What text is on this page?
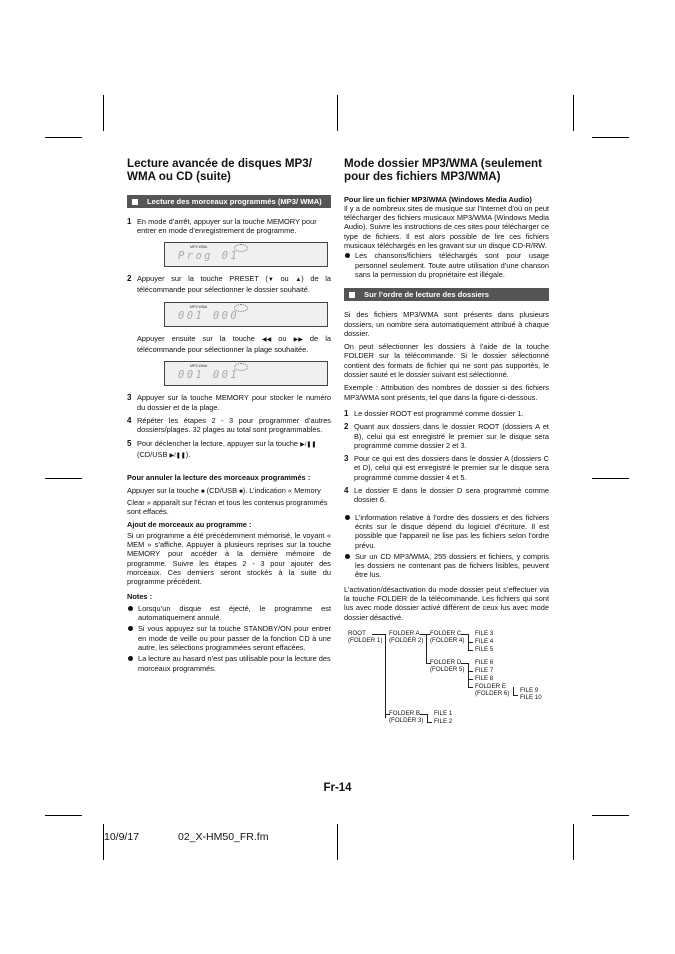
Lecture avancée de disques MP3/ WMA ou CD (suite)
Lecture des morceaux programmés (MP3/ WMA)
1 En mode d’arrêt, appuyer sur la touche MEMORY pour entrer en mode d’enregistrement de programme.
MP3 WMA
Prog 01
2 Appuyer sur la touche PRESET (▼ ou ▲) de la télécommande pour sélectionner le dossier souhaité.
MP3 WMA
001 000
Appuyer ensuite sur la touche ◀◀ ou ▶▶ de la télécommande pour sélectionner la plage souhaitée.
MP3 WMA
001 001
3 Appuyer sur la touche MEMORY pour stocker le numéro du dossier et de la plage.
4 Répéter les étapes 2 - 3 pour programmer d’autres dossiers/plages. 32 plages au total sont programmables.
5 Pour déclencher la lecture, appuyer sur la touche ▶/❚❚ (CD/USB ▶/❚❚).

Pour annuler la lecture des morceaux programmés :

Appuyer sur la touche ■ (CD/USB ■). L’indication « Memory Clear » apparaît sur l’écran et tous les contenus programmés sont effacés.

Ajout de morceaux au programme :

Si un programme a été précédemment mémorisé, le voyant « MEM » s’affiche. Appuyer à plusieurs reprises sur la touche MEMORY pour accéder à la dernière mémoire de programme. Suivre les étapes 2 - 3 pour ajouter des morceaux. Ces derniers seront stockés à la suite du programme précédent.

Notes :

Lorsqu’un disque est éjecté, le programme est automatiquement annulé.
Si vous appuyez sur la touche STANDBY/ON pour entrer en mode de veille ou pour passer de la fonction CD à une autre, les sélections programmées seront effacées.
La lecture au hasard n’est pas utilisable pour la lecture des morceaux programmés.
Mode dossier MP3/WMA (seulement pour des fichiers MP3/WMA)

Pour lire un fichier MP3/WMA (Windows Media Audio)

Il y a de nombreux sites de musique sur l’Internet d’où on peut télécharger des fichiers musicaux MP3/WMA (Windows Media Audio). Suivre les instructions de ces sites pour télécharger ce type de fichiers. Il est alors possible de lire ces fichiers musicaux téléchargés en les gravant sur un disque CD-R/RW.

Les chansons/fichiers téléchargés sont pour usage personnel seulement. Toute autre utilisation d’une chanson sans la permission du propriétaire est illégale.
Sur l’ordre de lecture des dossiers

Si des fichiers MP3/WMA sont présents dans plusieurs dossiers, un nombre sera automatiquement attribué à chaque dossier.

On peut sélectionner les dossiers à l’aide de la touche FOLDER sur la télécommande. Si le dossier sélectionné contient des formats de fichier qui ne sont pas supportés, le dossier sauté et le dossier suivant est sélectionné.

Exemple : Attribution des nombres de dossier si des fichiers MP3/WMA sont présents, tel que dans la figure ci-dessous.

1 Le dossier ROOT est programmé comme dossier 1.
2 Quant aux dossiers dans le dossier ROOT (dossiers A et B), celui qui est enregistré le premier sur le disque sera programmé comme dossier 2 et 3.
3 Pour ce qui est des dossiers dans le dossier A (dossiers C et D), celui qui est enregistré le premier sur le disque sera programmé comme dossier 4 et 5.
4 Le dossier E dans le dossier D sera programmé comme dossier 6.
L’information relative à l’ordre des dossiers et des fichiers écrits sur le disque dépend du logiciel d’écriture. Il est possible que l’appareil ne lise pas les fichiers selon l’ordre prévu.
Sur un CD MP3/WMA, 255 dossiers et fichiers, y compris les dossiers ne contenant pas de fichiers lisibles, peuvent être lus.

L’activation/désactivation du mode dossier peut s’effectuer via la touche FOLDER de la télécommande. Les fichiers qui sont lus avec mode dossier activé différent de ceux lus avec mode dossier désactivé.

ROOT
(FOLDER 1)
FOLDER A
(FOLDER 2)
FOLDER C
(FOLDER 4)
FILE 3
FILE 4
FILE 5
FOLDER D
(FOLDER 5)
FILE 6
FILE 7
FILE 8
FOLDER E
(FOLDER 6) FILE 9
FILE 10
FOLDER B
(FOLDER 3)
FILE 1
FILE 2
Fr-14
10/9/17	02_X-HM50_FR.fm
